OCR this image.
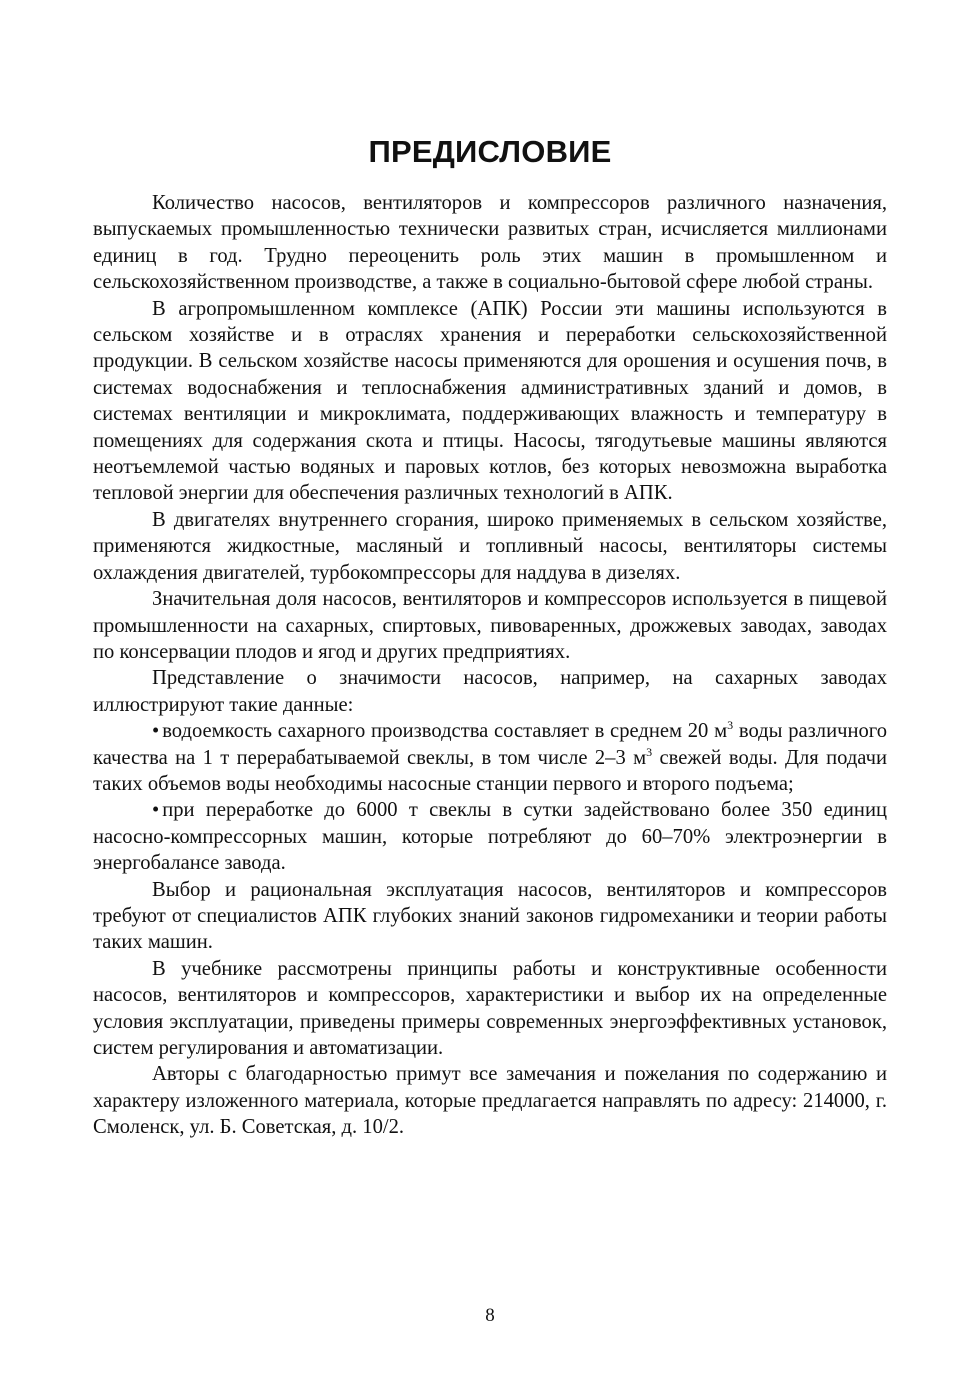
ПРЕДИСЛОВИЕ

Количество насосов, вентиляторов и компрессоров различного назначения, выпускаемых промышленностью технически развитых стран, исчисляется миллионами единиц в год. Трудно переоценить роль этих машин в промышленном и сельскохозяйственном производстве, а также в социально-бытовой сфере любой страны.

В агропромышленном комплексе (АПК) России эти машины используются в сельском хозяйстве и в отраслях хранения и переработки сельскохозяйственной продукции. В сельском хозяйстве насосы применяются для орошения и осушения почв, в системах водоснабжения и теплоснабжения административных зданий и домов, в системах вентиляции и микроклимата, поддерживающих влажность и температуру в помещениях для содержания скота и птицы. Насосы, тягодутьевые машины являются неотъемлемой частью водяных и паровых котлов, без которых невозможна выработка тепловой энергии для обеспечения различных технологий в АПК.

В двигателях внутреннего сгорания, широко применяемых в сельском хозяйстве, применяются жидкостные, масляный и топливный насосы, вентиляторы системы охлаждения двигателей, турбокомпрессоры для наддува в дизелях.

Значительная доля насосов, вентиляторов и компрессоров используется в пищевой промышленности на сахарных, спиртовых, пивоваренных, дрожжевых заводах, заводах по консервации плодов и ягод и других предприятиях.

Представление о значимости насосов, например, на сахарных заводах иллюстрируют такие данные:

• водоемкость сахарного производства составляет в среднем 20 $м^3$ воды различного качества на 1 т перерабатываемой свеклы, в том числе 2–3 $м^3$ свежей воды. Для подачи таких объемов воды необходимы насосные станции первого и второго подъема;

• при переработке до 6000 т свеклы в сутки задействовано более 350 единиц насосно-компрессорных машин, которые потребляют до 60–70% электроэнергии в энергобалансе завода.

Выбор и рациональная эксплуатация насосов, вентиляторов и компрессоров требуют от специалистов АПК глубоких знаний законов гидромеханики и теории работы таких машин.

В учебнике рассмотрены принципы работы и конструктивные особенности насосов, вентиляторов и компрессоров, характеристики и выбор их на определенные условия эксплуатации, приведены примеры современных энергоэффективных установок, систем регулирования и автоматизации.

Авторы с благодарностью примут все замечания и пожелания по содержанию и характеру изложенного материала, которые предлагается направлять по адресу: 214000, г. Смоленск, ул. Б. Советская, д. 10/2.

8
